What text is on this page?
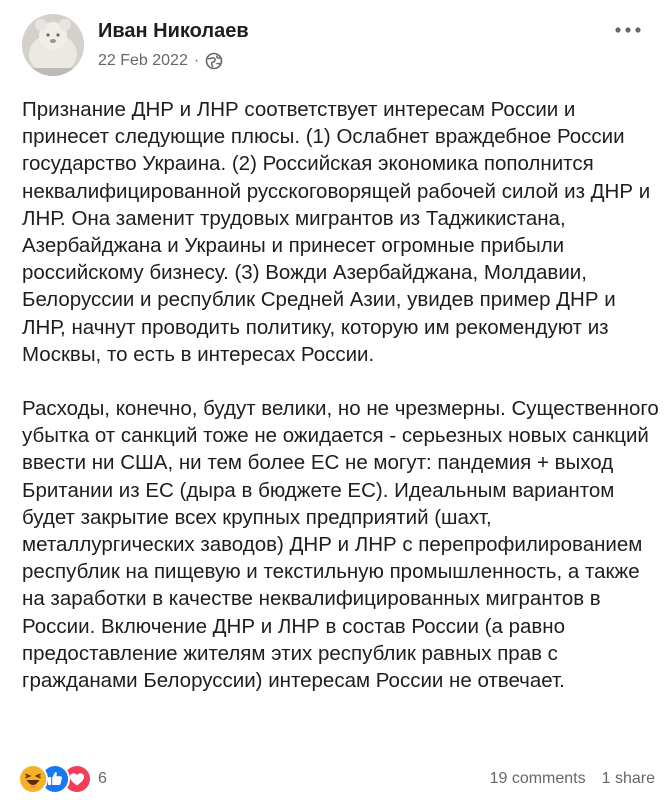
Иван Николаев
22 Feb 2022 ·

Признание ДНР и ЛНР соответствует интересам России и принесет следующие плюсы. (1) Ослабнет враждебное России государство Украина. (2) Российская экономика пополнится неквалифицированной русскоговорящей рабочей силой из ДНР и ЛНР. Она заменит трудовых мигрантов из Таджикистана, Азербайджана и Украины и принесет огромные прибыли российскому бизнесу. (3) Вожди Азербайджана, Молдавии, Белоруссии и республик Средней Азии, увидев пример ДНР и ЛНР, начнут проводить политику, которую им рекомендуют из Москвы, то есть в интересах России.

Расходы, конечно, будут велики, но не чрезмерны. Существенного убытка от санкций тоже не ожидается - серьезных новых санкций ввести ни США, ни тем более ЕС не могут: пандемия + выход Британии из ЕС (дыра в бюджете ЕС). Идеальным вариантом будет закрытие всех крупных предприятий (шахт, металлургических заводов) ДНР и ЛНР с перепрофилированием республик на пищевую и текстильную промышленность, а также на заработки в качестве неквалифицированных мигрантов в России. Включение ДНР и ЛНР в состав России (а равно предоставление жителям этих республик равных прав с гражданами Белоруссии) интересам России не отвечает.

6	19 comments 1 share
